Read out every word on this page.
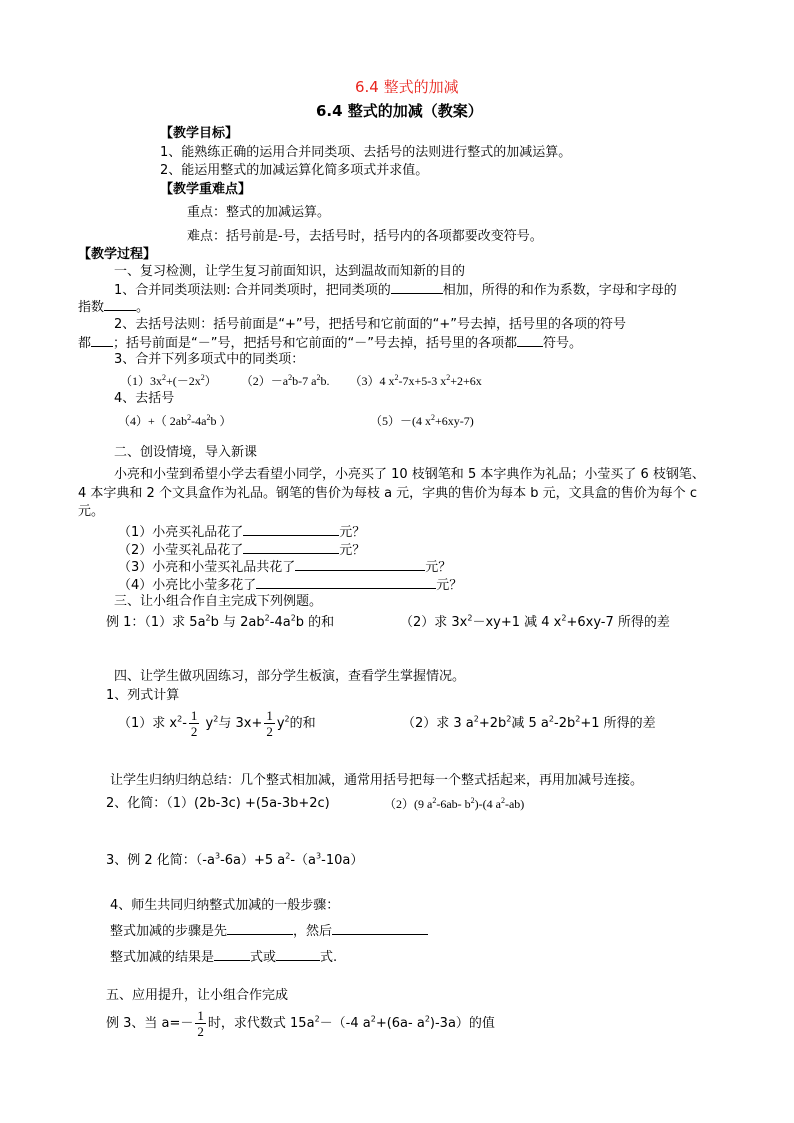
6.4 整式的加减
6.4 整式的加减（教案）
【教学目标】
1、能熟练正确的运用合并同类项、去括号的法则进行整式的加减运算。
2、能运用整式的加减运算化简多项式并求值。
【教学重难点】
重点：整式的加减运算。
难点：括号前是-号，去括号时，括号内的各项都要改变符号。
【教学过程】
一、复习检测，让学生复习前面知识，达到温故而知新的目的
1、合并同类项法则: 合并同类项时，把同类项的	相加，所得的和作为系数，字母和字母的
指数 。
2、去括号法则：括号前面是“+”号，把括号和它前面的“+”号去掉，括号里的各项的符号
都 ；括号前面是“－”号，把括号和它前面的“－”号去掉，括号里的各项都 符号。
3、合并下列多项式中的同类项：
$(1)3x^2+(-2x^2)$ $(2)-a^2b-7$ $a^2b$. （3）4 $x^2-7x+5-3$ $x^2+2+6x$
4、去括号
（4）+（ $2ab^2-4a^2b$ ）	（5）－(4 $x^2+6xy-7$)
二、创设情境，导入新课
小亮和小莹到希望小学去看望小同学，小亮买了 10 枝钢笔和 5 本字典作为礼品；小莹买了 6 枝钢笔、
4 本字典和 2 个文具盒作为礼品。钢笔的售价为每枝 a 元，字典的售价为每本 b 元，文具盒的售价为每个 c
元。
（1）小亮买礼品花了	元？
（2）小莹买礼品花了	元？
（3）小亮和小莹买礼品共花了	元？
（4）小亮比小莹多花了	元？
三、让小组合作自主完成下列例题。
例 1：（1）求 $5a^2b$ 与 $2ab^2-4a^2b$ 的和	（2）求 $3x^2-xy+1$ 减 4 $x^2+6xy-7$ 所得的差
四、让学生做巩固练习，部分学生板演，查看学生掌握情况。
1、列式计算
（1）求 $x^2- \frac{1}{2} y^2$与 $3x+ \frac{1}{2} y^2$的和	（2）求 3 $a^2+2b^2$减 5 $a^2-2b^2+1$ 所得的差
让学生归纳归纳总结：几个整式相加减，通常用括号把每一个整式括起来，再用加减号连接。
2、化简：（1）(2b-3c) +(5a-3b+2c)	（2）(9 $a^2-6ab-$ $b^2)-(4$ $a^2-ab$)
3、例 2 化简：$(-a^3-6a)+5$ $a^2-(a^3-10a)$
4、师生共同归纳整式加减的一般步骤：
整式加减的步骤是先	，然后
整式加减的结果是	式或	式.
五、应用提升，让小组合作完成
例 3、当 $a=- \frac{1}{2}$ 时，求代数式 $15a^2-(-4$ $a^2+(6a-$ $a^2)-3a$）的值
